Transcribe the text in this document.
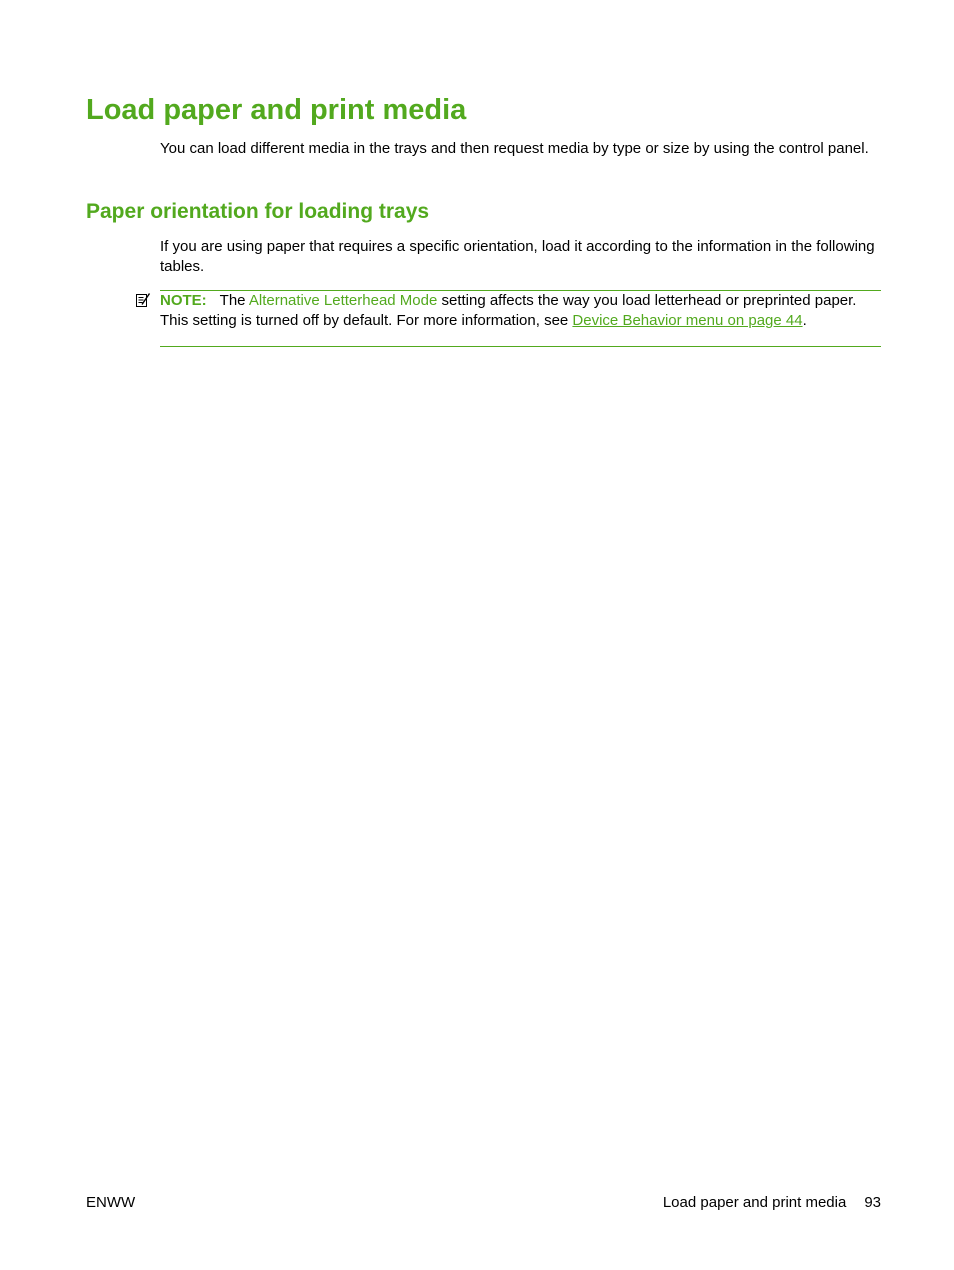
Load paper and print media

You can load different media in the trays and then request media by type or size by using the control panel.

Paper orientation for loading trays

If you are using paper that requires a specific orientation, load it according to the information in the following tables.

NOTE: The Alternative Letterhead Mode setting affects the way you load letterhead or preprinted paper. This setting is turned off by default. For more information, see Device Behavior menu on page 44.

ENWW	Load paper and print media 93
